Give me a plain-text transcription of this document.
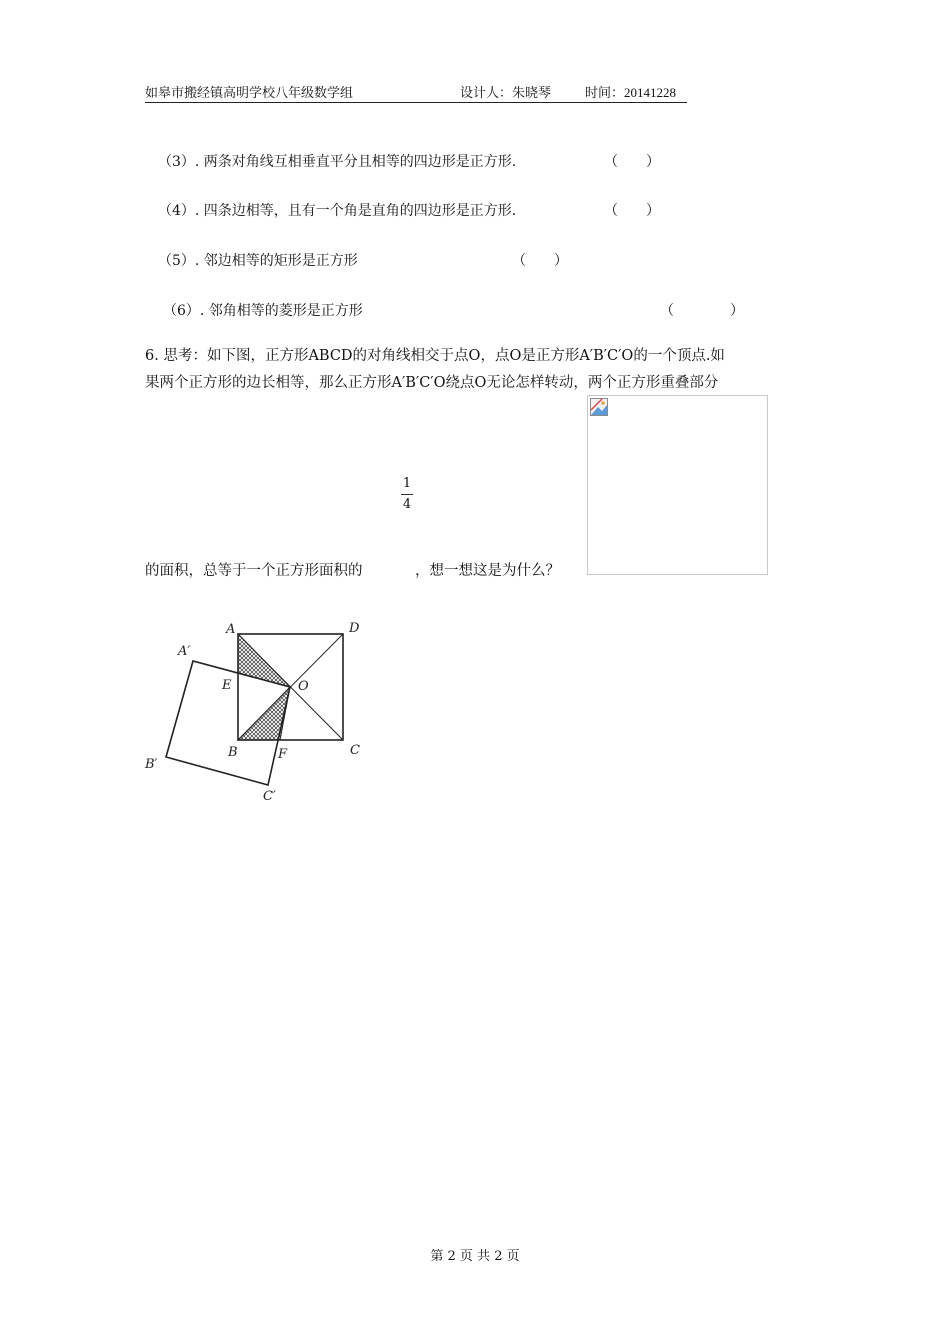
如皋市搬经镇高明学校八年级数学组	设计人：朱晓琴	时间：20141228
（3）. 两条对角线互相垂直平分且相等的四边形是正方形.	（　　）
（4）. 四条边相等，且有一个角是直角的四边形是正方形.	（　　）
（5）. 邻边相等的矩形是正方形	（　　）
（6）. 邻角相等的菱形是正方形	（　　　　）
6. 思考：如下图，正方形ABCD的对角线相交于点O，点O是正方形A′B′C′O的一个顶点.如
果两个正方形的边长相等，那么正方形A′B′C′O绕点O无论怎样转动，两个正方形重叠部分
的面积，总等于一个正方形面积的	，想一想这是为什么？
1
4
A	D
E	O
B	F	C
A′
B′
C′
第 2 页 共 2 页
